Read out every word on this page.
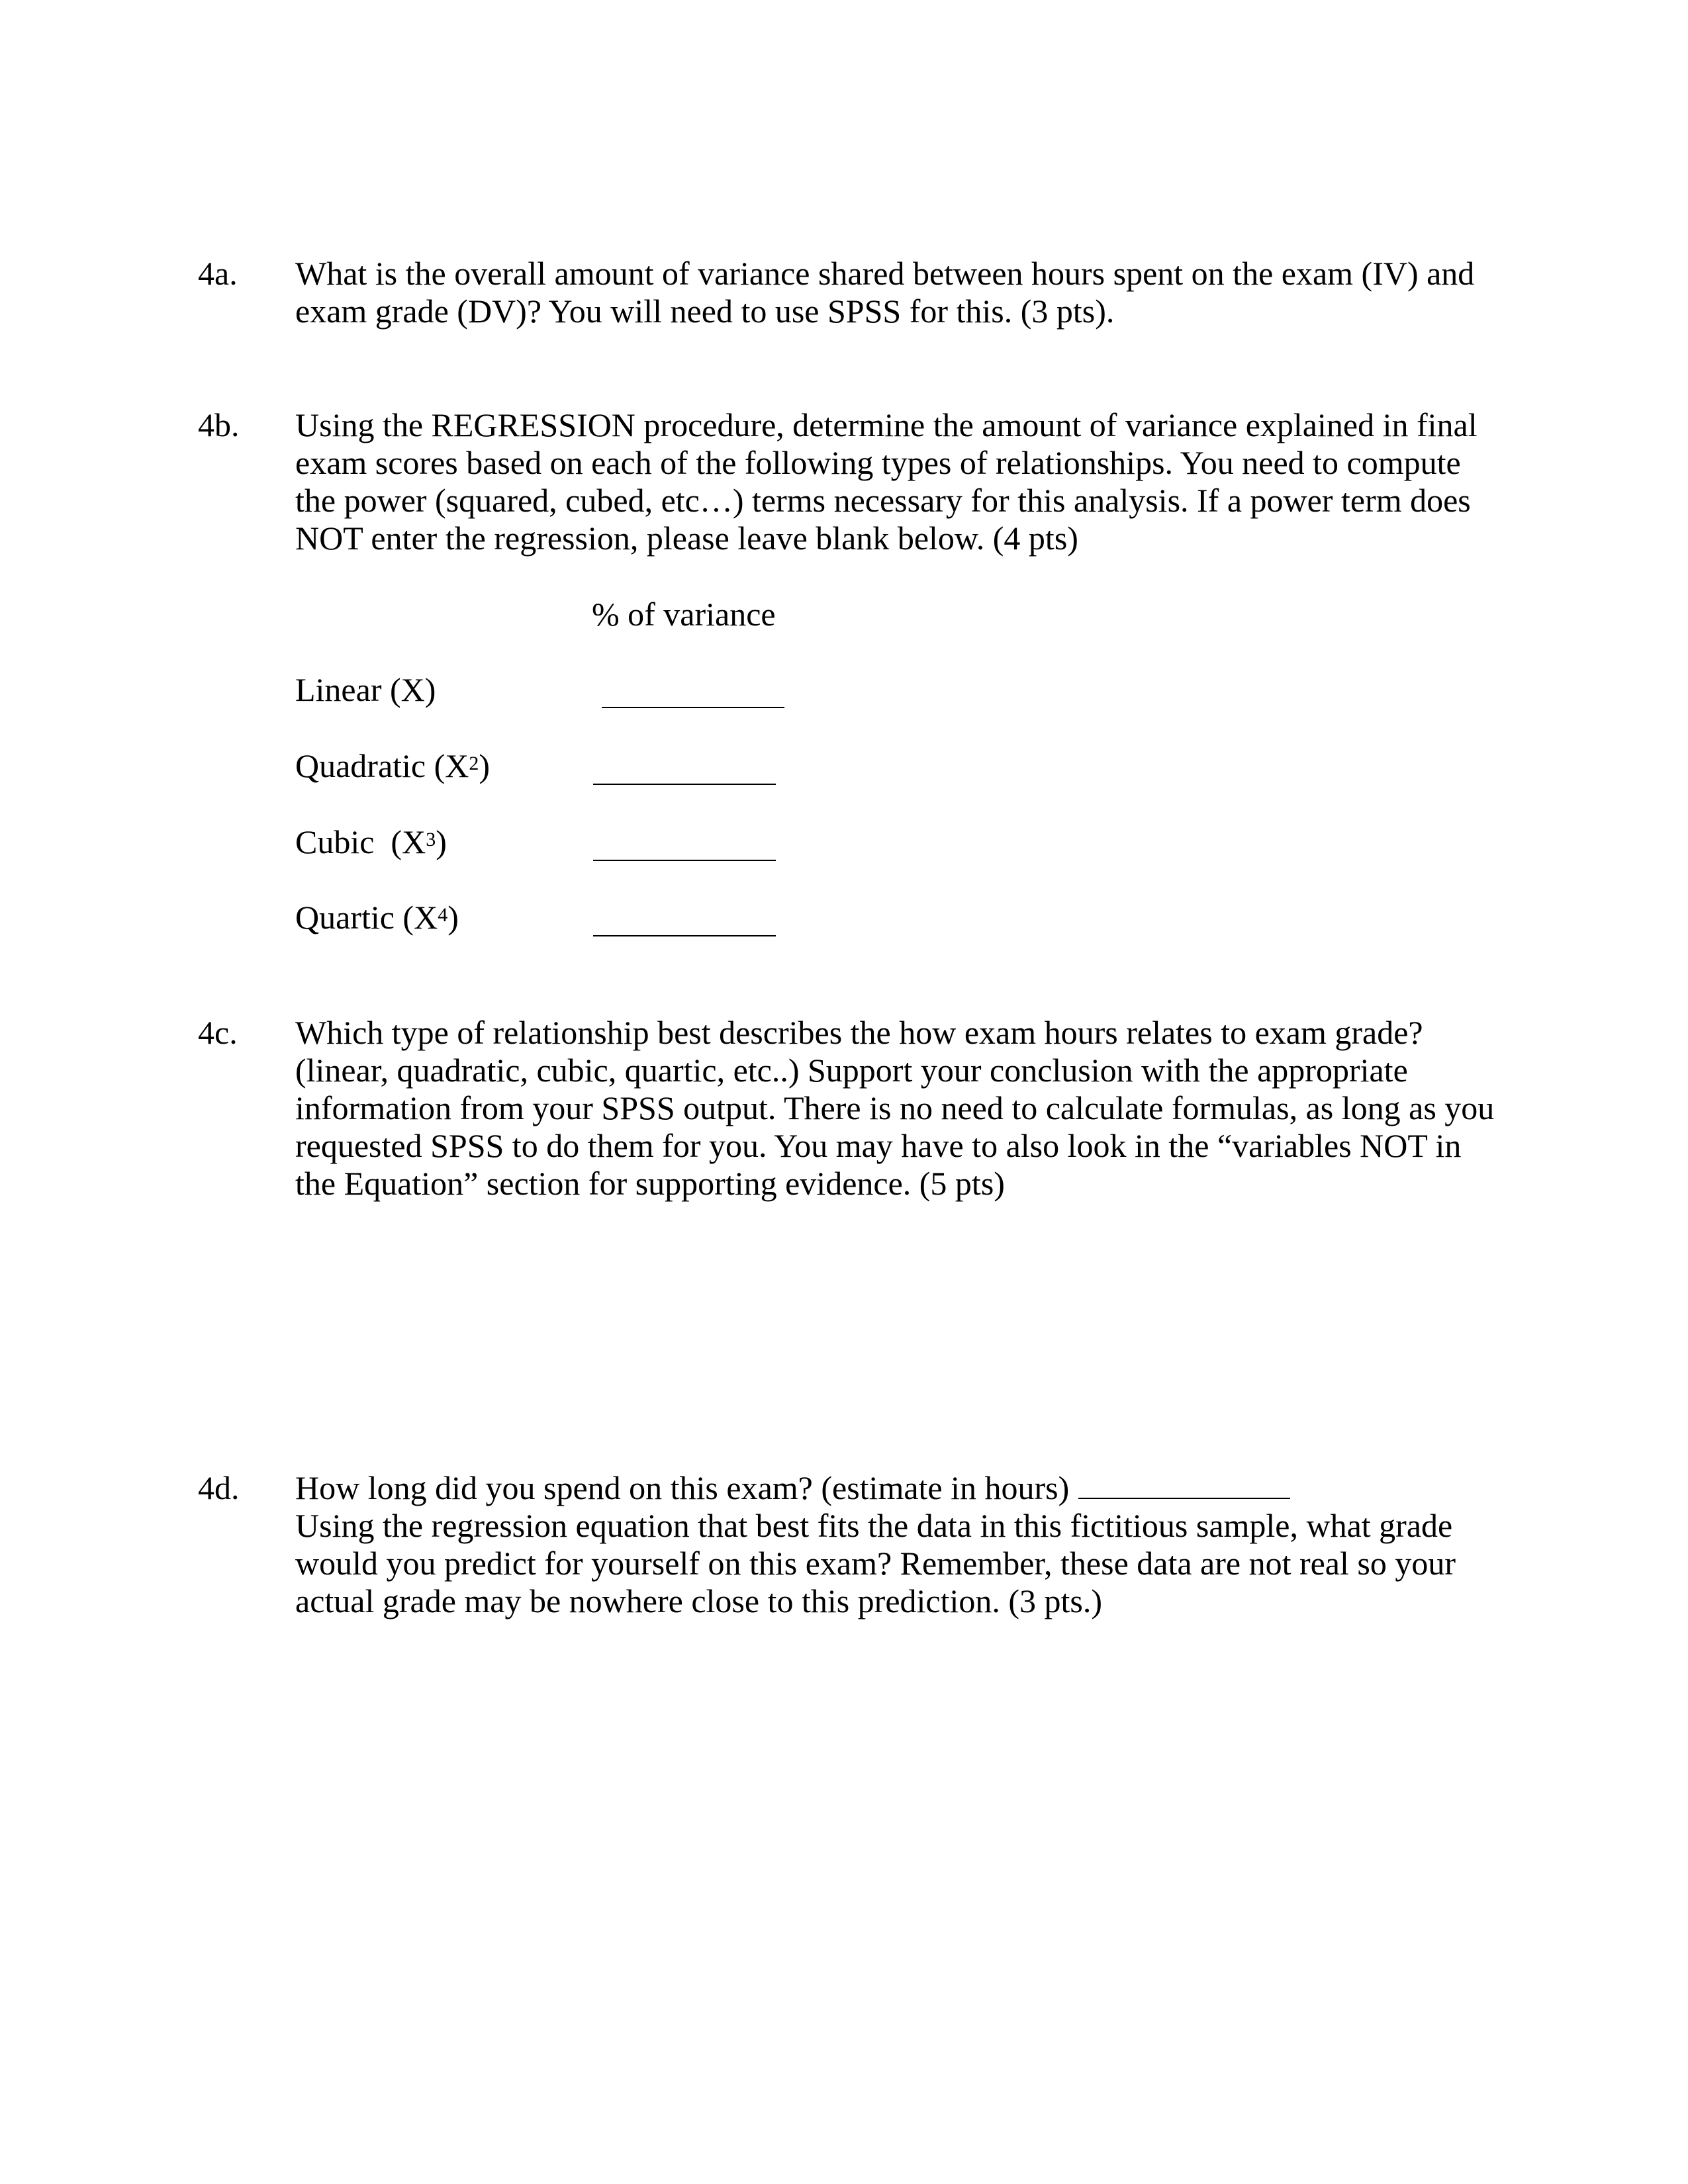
4a. What is the overall amount of variance shared between hours spent on the exam (IV) and
exam grade (DV)? You will need to use SPSS for this. (3 pts).
4b. Using the REGRESSION procedure, determine the amount of variance explained in final
exam scores based on each of the following types of relationships. You need to compute
the power (squared, cubed, etc…) terms necessary for this analysis. If a power term does
NOT enter the regression, please leave blank below. (4 pts)
% of variance
Linear (X)
Quadratic $(X^2)$
Cubic  $(X^3)$
Quartic $(X^4)$
4c. Which type of relationship best describes the how exam hours relates to exam grade?
(linear, quadratic, cubic, quartic, etc..) Support your conclusion with the appropriate
information from your SPSS output. There is no need to calculate formulas, as long as you
requested SPSS to do them for you. You may have to also look in the “variables NOT in
the Equation” section for supporting evidence. (5 pts)
4d. How long did you spend on this exam? (estimate in hours)
Using the regression equation that best fits the data in this fictitious sample, what grade
would you predict for yourself on this exam? Remember, these data are not real so your
actual grade may be nowhere close to this prediction. (3 pts.)
